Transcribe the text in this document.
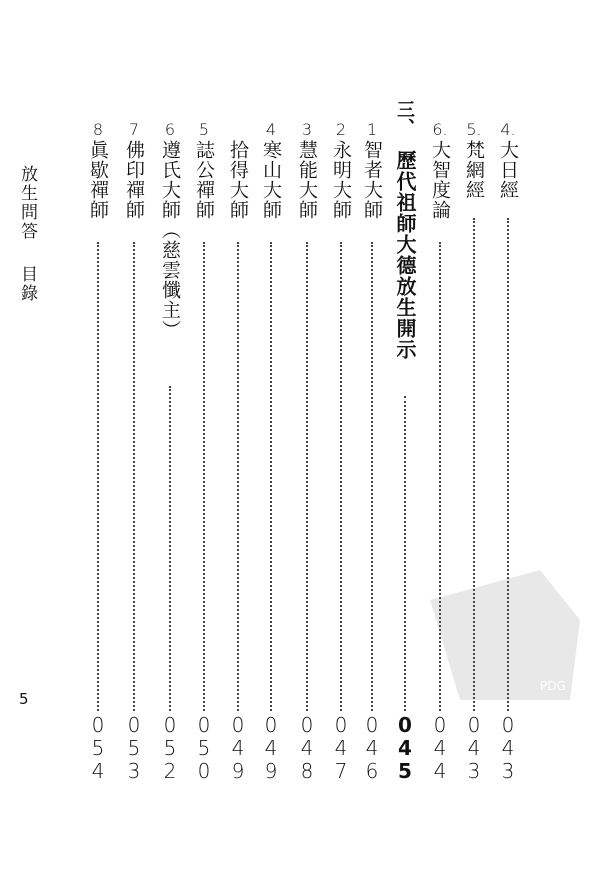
放生問答目錄
5
4.
大日經
0
4
3
5.
梵網經
0
4
3
6.
大智度論
0
4
4
三、
歷代祖師大德放生開示
0
4
5
1
智者大師
0
4
6
2
永明大師
0
4
7
3
慧能大師
0
4
8
4
寒山大師
0
4
9
拾得大師
0
4
9
5
誌公禪師
0
5
0
6
遵氏大師︵慈雲懺主︶
0
5
2
7
佛印禪師
0
5
3
8
眞歇禪師
0
5
4
PDG
